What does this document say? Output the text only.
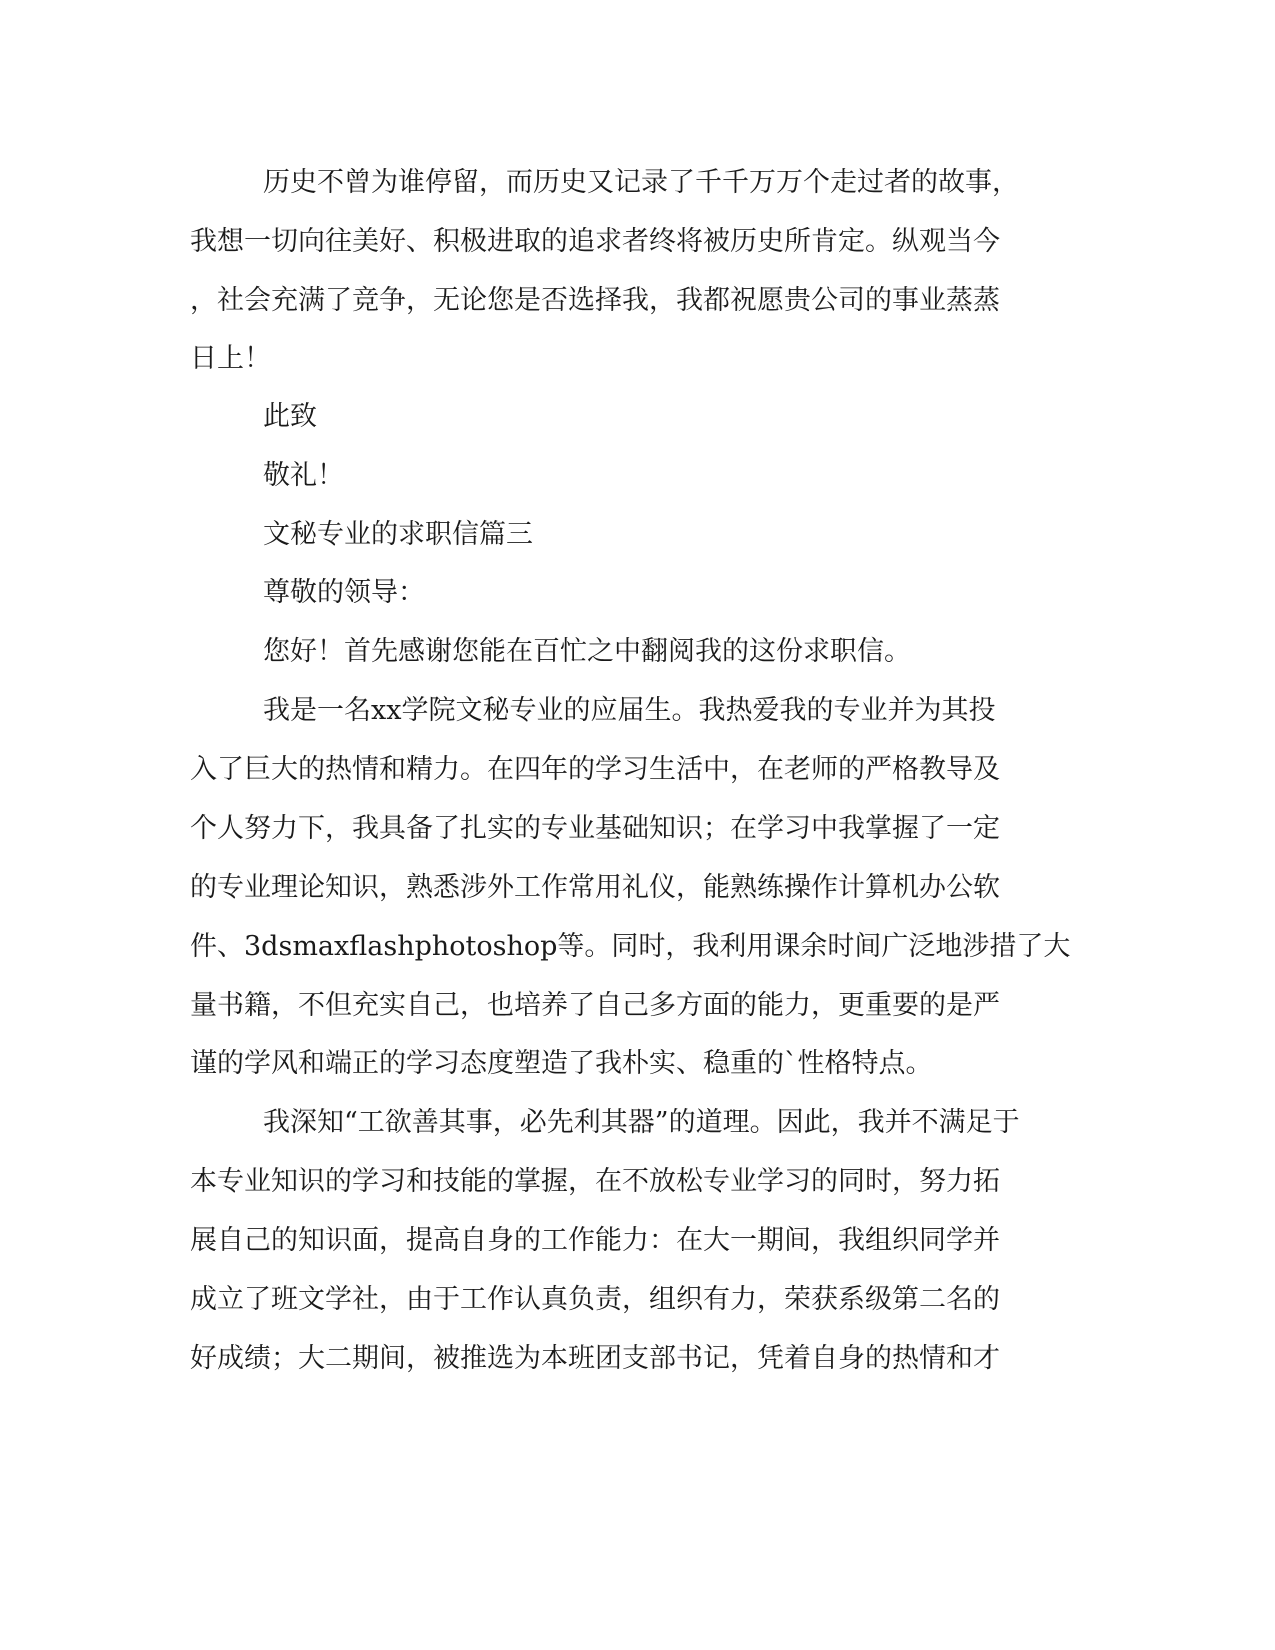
历史不曾为谁停留，而历史又记录了千千万万个走过者的故事，
我想一切向往美好、积极进取的追求者终将被历史所肯定。纵观当今
，社会充满了竞争，无论您是否选择我，我都祝愿贵公司的事业蒸蒸
日上！
此致
敬礼！
文秘专业的求职信篇三
尊敬的领导：
您好！首先感谢您能在百忙之中翻阅我的这份求职信。
我是一名xx学院文秘专业的应届生。我热爱我的专业并为其投
入了巨大的热情和精力。在四年的学习生活中，在老师的严格教导及
个人努力下，我具备了扎实的专业基础知识；在学习中我掌握了一定
的专业理论知识，熟悉涉外工作常用礼仪，能熟练操作计算机办公软
件、3dsmaxflashphotoshop等。同时，我利用课余时间广泛地涉措了大
量书籍，不但充实自己，也培养了自己多方面的能力，更重要的是严
谨的学风和端正的学习态度塑造了我朴实、稳重的`性格特点。
我深知“工欲善其事，必先利其器”的道理。因此，我并不满足于
本专业知识的学习和技能的掌握，在不放松专业学习的同时，努力拓
展自己的知识面，提高自身的工作能力：在大一期间，我组织同学并
成立了班文学社，由于工作认真负责，组织有力，荣获系级第二名的
好成绩；大二期间，被推选为本班团支部书记，凭着自身的热情和才
